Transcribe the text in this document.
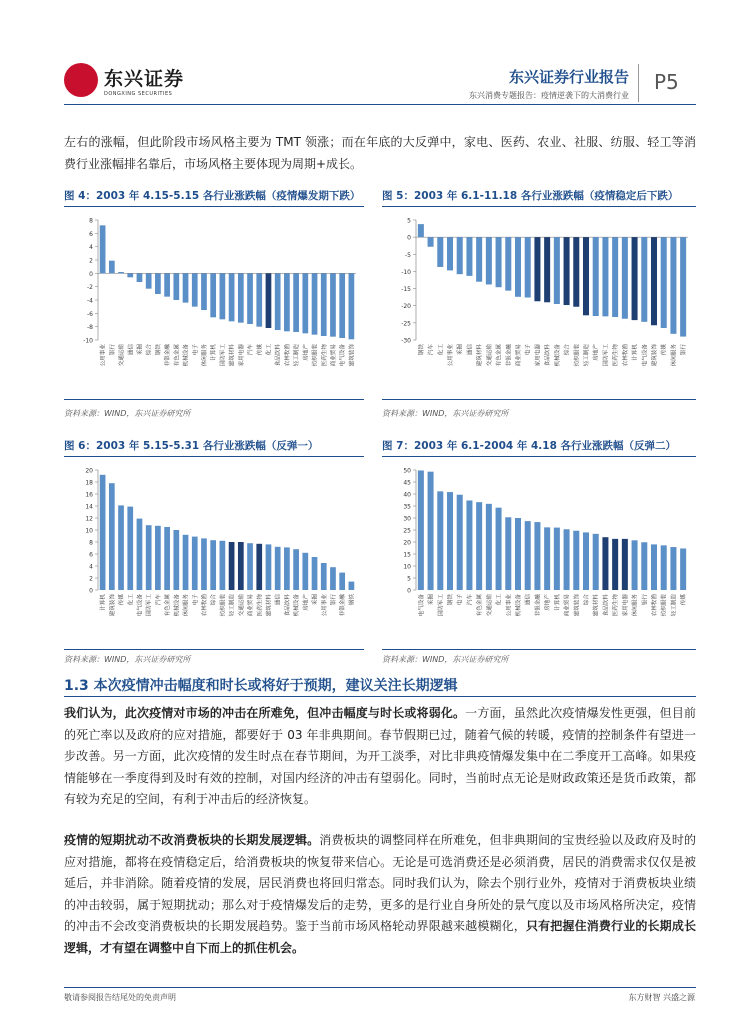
东兴证券
DONGXING SECURITIES
东兴证券行业报告
东兴消费专题报告：疫情逆袭下的大消费行业
P5
左右的涨幅，但此阶段市场风格主要为 TMT 领涨；而在年底的大反弹中，家电、医药、农业、社服、纺服、轻工等消费行业涨幅排名靠后，市场风格主要体现为周期+成长。
图 4：2003 年 4.15-5.15 各行业涨跌幅（疫情爆发期下跌） 图 5：2003 年 6.1-11.18 各行业涨跌幅（疫情稳定后下跌）
8
6
4
2
0
-2
-4
-6
-8
-10
公用事业 银行 交通运输 通信 采掘 综合 钢铁 非银金融 有色金属 机械设备 电子 休闲服务 计算机 国防军工 建筑材料 家用电器 汽车 传媒 化工 食品饮料 农林牧渔 轻工制造 房地产 纺织服装 医药生物 商业贸易 电气设备 建筑装饰
5
0
-5
-10
-15
-20
-25
-30
钢铁 汽车 化工 公用事业 采掘 通信 建筑材料 交通运输 有色金属 非银金融 商业贸易 电子 家用电器 食品饮料 机械设备 综合 纺织服装 轻工制造 房地产 国防军工 医药生物 农林牧渔 计算机 电气设备 建筑装饰 传媒 休闲服务 银行
资料来源：WIND，东兴证券研究所	资料来源：WIND，东兴证券研究所
图 6：2003 年 5.15-5.31 各行业涨跌幅（反弹一）	图 7：2003 年 6.1-2004 年 4.18 各行业涨跌幅（反弹二）
20
18
16
14
12
10
8
6
4
2
0
计算机 建筑装饰 传媒 化工 电气设备 国防军工 汽车 有色金属 机械设备 休闲服务 电子 农林牧渔 综合 纺织服装 轻工制造 交通运输 商业贸易 医药生物 建筑材料 通信 食品饮料 机械设备 房地产 采掘 公用事业 银行 非银金融 钢铁
50
45
40
35
30
25
20
15
10
5
0
电气设备 采掘 国防军工 钢铁 电子 汽车 有色金属 交通运输 化工 公用事业 机械设备 通信 非银金融 房地产 计算机 商业贸易 建筑装饰 综合 建筑材料 食品饮料 医药生物 家用电器 休闲服务 银行 农林牧渔 纺织服装 轻工制造 传媒
资料来源：WIND，东兴证券研究所	资料来源：WIND，东兴证券研究所
1.3 本次疫情冲击幅度和时长或将好于预期，建议关注长期逻辑
我们认为，此次疫情对市场的冲击在所难免，但冲击幅度与时长或将弱化。一方面，虽然此次疫情爆发性更强，但目前的死亡率以及政府的应对措施，都要好于 03 年非典期间。春节假期已过，随着气候的转暖，疫情的控制条件有望进一步改善。另一方面，此次疫情的发生时点在春节期间，为开工淡季，对比非典疫情爆发集中在二季度开工高峰。如果疫情能够在一季度得到及时有效的控制，对国内经济的冲击有望弱化。同时，当前时点无论是财政政策还是货币政策，都有较为充足的空间，有利于冲击后的经济恢复。
疫情的短期扰动不改消费板块的长期发展逻辑。消费板块的调整同样在所难免，但非典期间的宝贵经验以及政府及时的应对措施，都将在疫情稳定后，给消费板块的恢复带来信心。无论是可选消费还是必须消费，居民的消费需求仅仅是被延后，并非消除。随着疫情的发展，居民消费也将回归常态。同时我们认为，除去个别行业外，疫情对于消费板块业绩的冲击较弱，属于短期扰动；那么对于疫情爆发后的走势，更多的是行业自身所处的景气度以及市场风格所决定，疫情的冲击不会改变消费板块的长期发展趋势。鉴于当前市场风格轮动界限越来越模糊化，只有把握住消费行业的长期成长逻辑，才有望在调整中自下而上的抓住机会。
敬请参阅报告结尾处的免责声明	东方财智 兴盛之源
